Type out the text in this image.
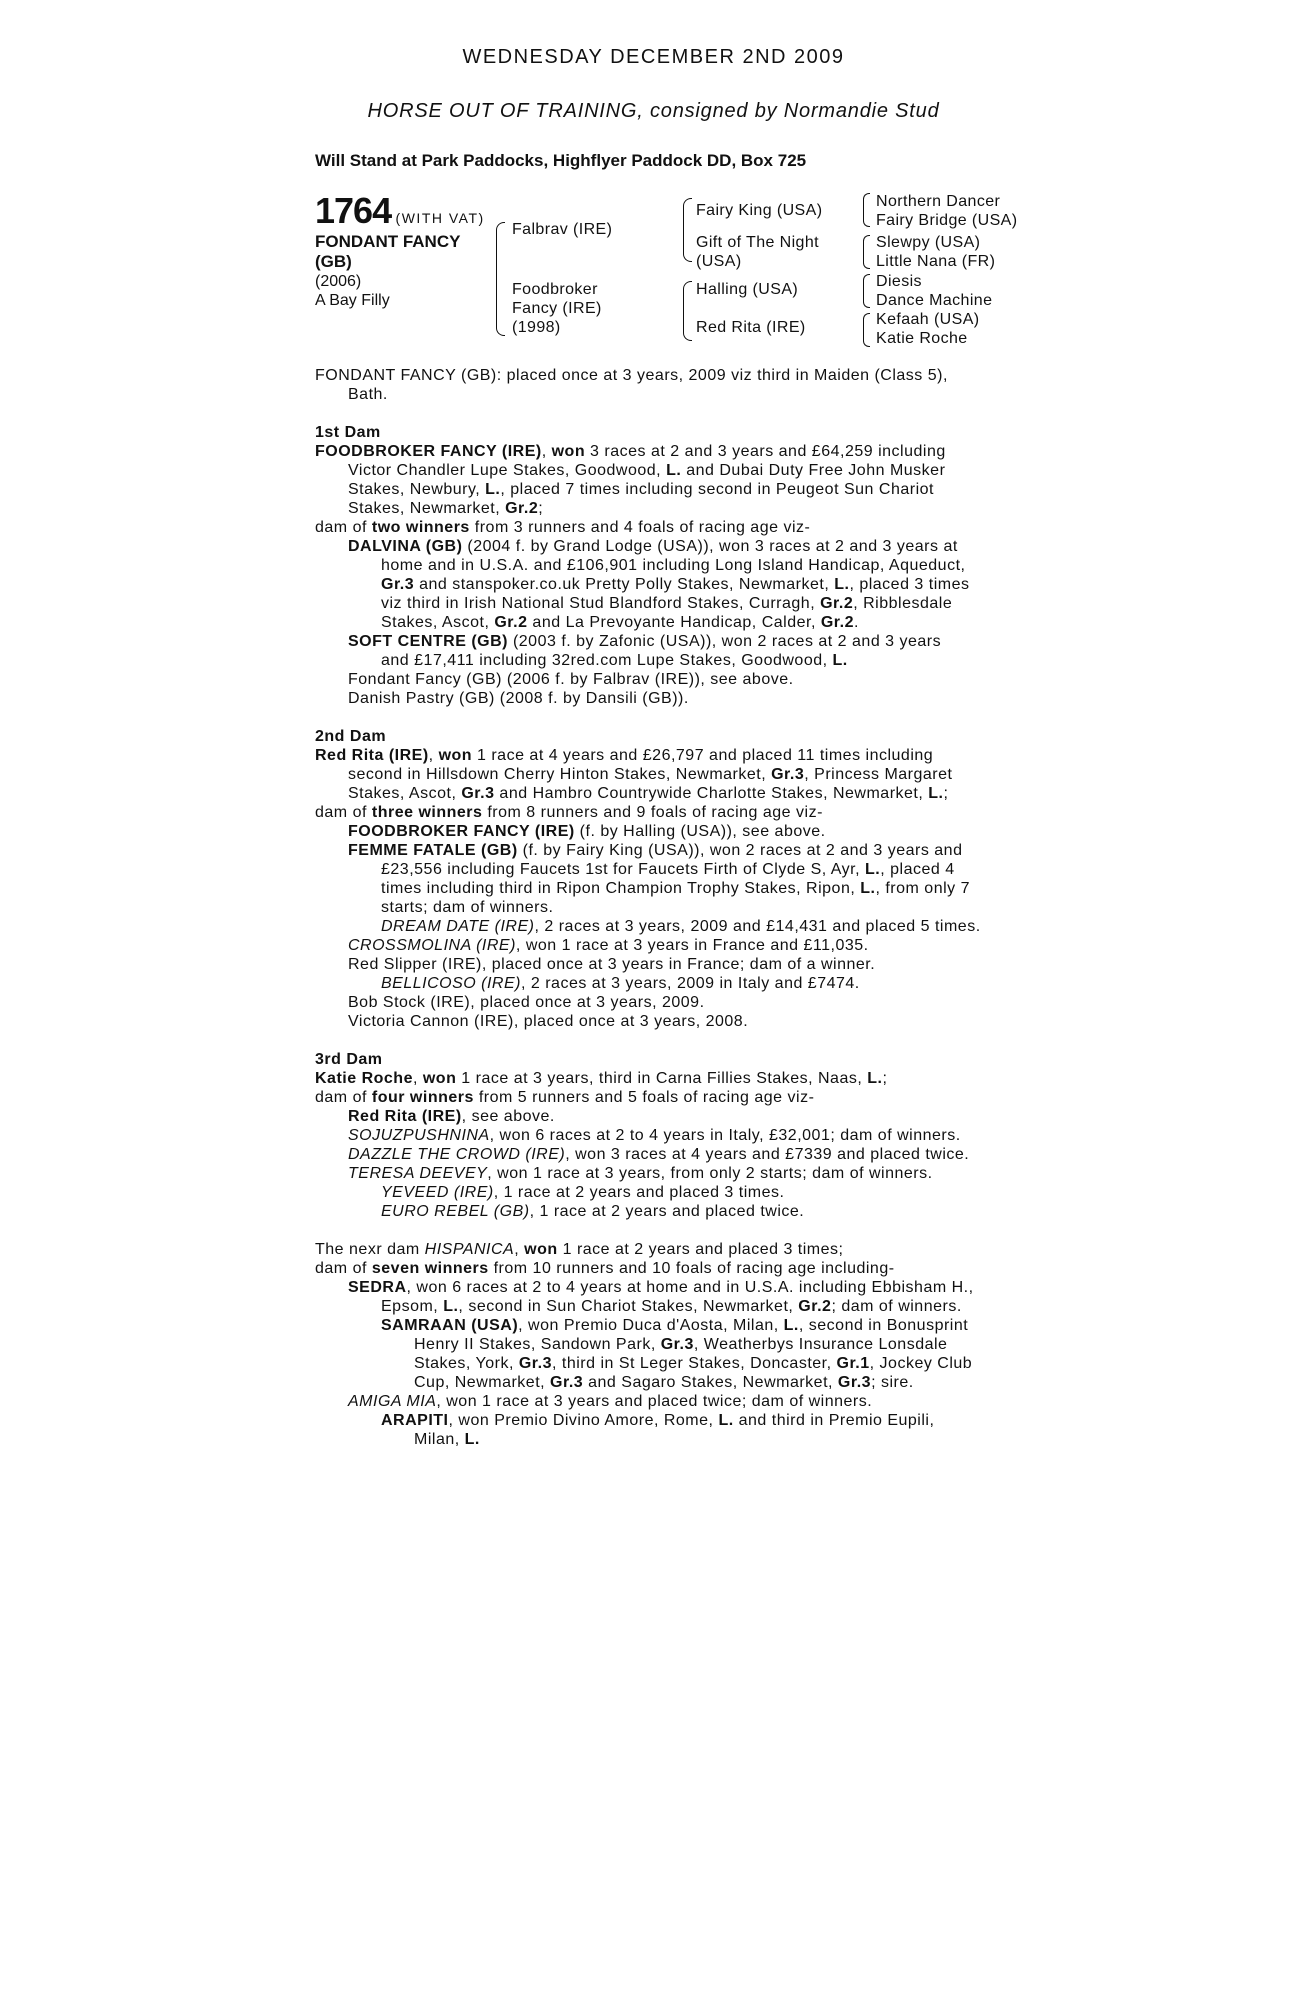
WEDNESDAY DECEMBER 2ND 2009
HORSE OUT OF TRAINING, consigned by Normandie Stud
Will Stand at Park Paddocks, Highflyer Paddock DD, Box 725
1764 (WITH VAT)
FONDANT FANCY (GB)
(2006)
A Bay Filly
Falbrav (IRE)
Foodbroker Fancy (IRE) (1998)
Fairy King (USA)
Gift of The Night (USA)
Halling (USA)
Red Rita (IRE)
Northern Dancer
Fairy Bridge (USA)
Slewpy (USA)
Little Nana (FR)
Diesis
Dance Machine
Kefaah (USA)
Katie Roche
FONDANT FANCY (GB): placed once at 3 years, 2009 viz third in Maiden (Class 5),
Bath.
1st Dam
FOODBROKER FANCY (IRE), won 3 races at 2 and 3 years and £64,259 including
Victor Chandler Lupe Stakes, Goodwood, L. and Dubai Duty Free John Musker
Stakes, Newbury, L., placed 7 times including second in Peugeot Sun Chariot
Stakes, Newmarket, Gr.2;
dam of two winners from 3 runners and 4 foals of racing age viz-
DALVINA (GB) (2004 f. by Grand Lodge (USA)), won 3 races at 2 and 3 years at
home and in U.S.A. and £106,901 including Long Island Handicap, Aqueduct,
Gr.3 and stanspoker.co.uk Pretty Polly Stakes, Newmarket, L., placed 3 times
viz third in Irish National Stud Blandford Stakes, Curragh, Gr.2, Ribblesdale
Stakes, Ascot, Gr.2 and La Prevoyante Handicap, Calder, Gr.2.
SOFT CENTRE (GB) (2003 f. by Zafonic (USA)), won 2 races at 2 and 3 years
and £17,411 including 32red.com Lupe Stakes, Goodwood, L.
Fondant Fancy (GB) (2006 f. by Falbrav (IRE)), see above.
Danish Pastry (GB) (2008 f. by Dansili (GB)).
2nd Dam
Red Rita (IRE), won 1 race at 4 years and £26,797 and placed 11 times including
second in Hillsdown Cherry Hinton Stakes, Newmarket, Gr.3, Princess Margaret
Stakes, Ascot, Gr.3 and Hambro Countrywide Charlotte Stakes, Newmarket, L.;
dam of three winners from 8 runners and 9 foals of racing age viz-
FOODBROKER FANCY (IRE) (f. by Halling (USA)), see above.
FEMME FATALE (GB) (f. by Fairy King (USA)), won 2 races at 2 and 3 years and
£23,556 including Faucets 1st for Faucets Firth of Clyde S, Ayr, L., placed 4
times including third in Ripon Champion Trophy Stakes, Ripon, L., from only 7
starts; dam of winners.
DREAM DATE (IRE), 2 races at 3 years, 2009 and £14,431 and placed 5 times.
CROSSMOLINA (IRE), won 1 race at 3 years in France and £11,035.
Red Slipper (IRE), placed once at 3 years in France; dam of a winner.
BELLICOSO (IRE), 2 races at 3 years, 2009 in Italy and £7474.
Bob Stock (IRE), placed once at 3 years, 2009.
Victoria Cannon (IRE), placed once at 3 years, 2008.
3rd Dam
Katie Roche, won 1 race at 3 years, third in Carna Fillies Stakes, Naas, L.;
dam of four winners from 5 runners and 5 foals of racing age viz-
Red Rita (IRE), see above.
SOJUZPUSHNINA, won 6 races at 2 to 4 years in Italy, £32,001; dam of winners.
DAZZLE THE CROWD (IRE), won 3 races at 4 years and £7339 and placed twice.
TERESA DEEVEY, won 1 race at 3 years, from only 2 starts; dam of winners.
YEVEED (IRE), 1 race at 2 years and placed 3 times.
EURO REBEL (GB), 1 race at 2 years and placed twice.
The nexr dam HISPANICA, won 1 race at 2 years and placed 3 times;
dam of seven winners from 10 runners and 10 foals of racing age including-
SEDRA, won 6 races at 2 to 4 years at home and in U.S.A. including Ebbisham H.,
Epsom, L., second in Sun Chariot Stakes, Newmarket, Gr.2; dam of winners.
SAMRAAN (USA), won Premio Duca d'Aosta, Milan, L., second in Bonusprint
Henry II Stakes, Sandown Park, Gr.3, Weatherbys Insurance Lonsdale
Stakes, York, Gr.3, third in St Leger Stakes, Doncaster, Gr.1, Jockey Club
Cup, Newmarket, Gr.3 and Sagaro Stakes, Newmarket, Gr.3; sire.
AMIGA MIA, won 1 race at 3 years and placed twice; dam of winners.
ARAPITI, won Premio Divino Amore, Rome, L. and third in Premio Eupili,
Milan, L.
